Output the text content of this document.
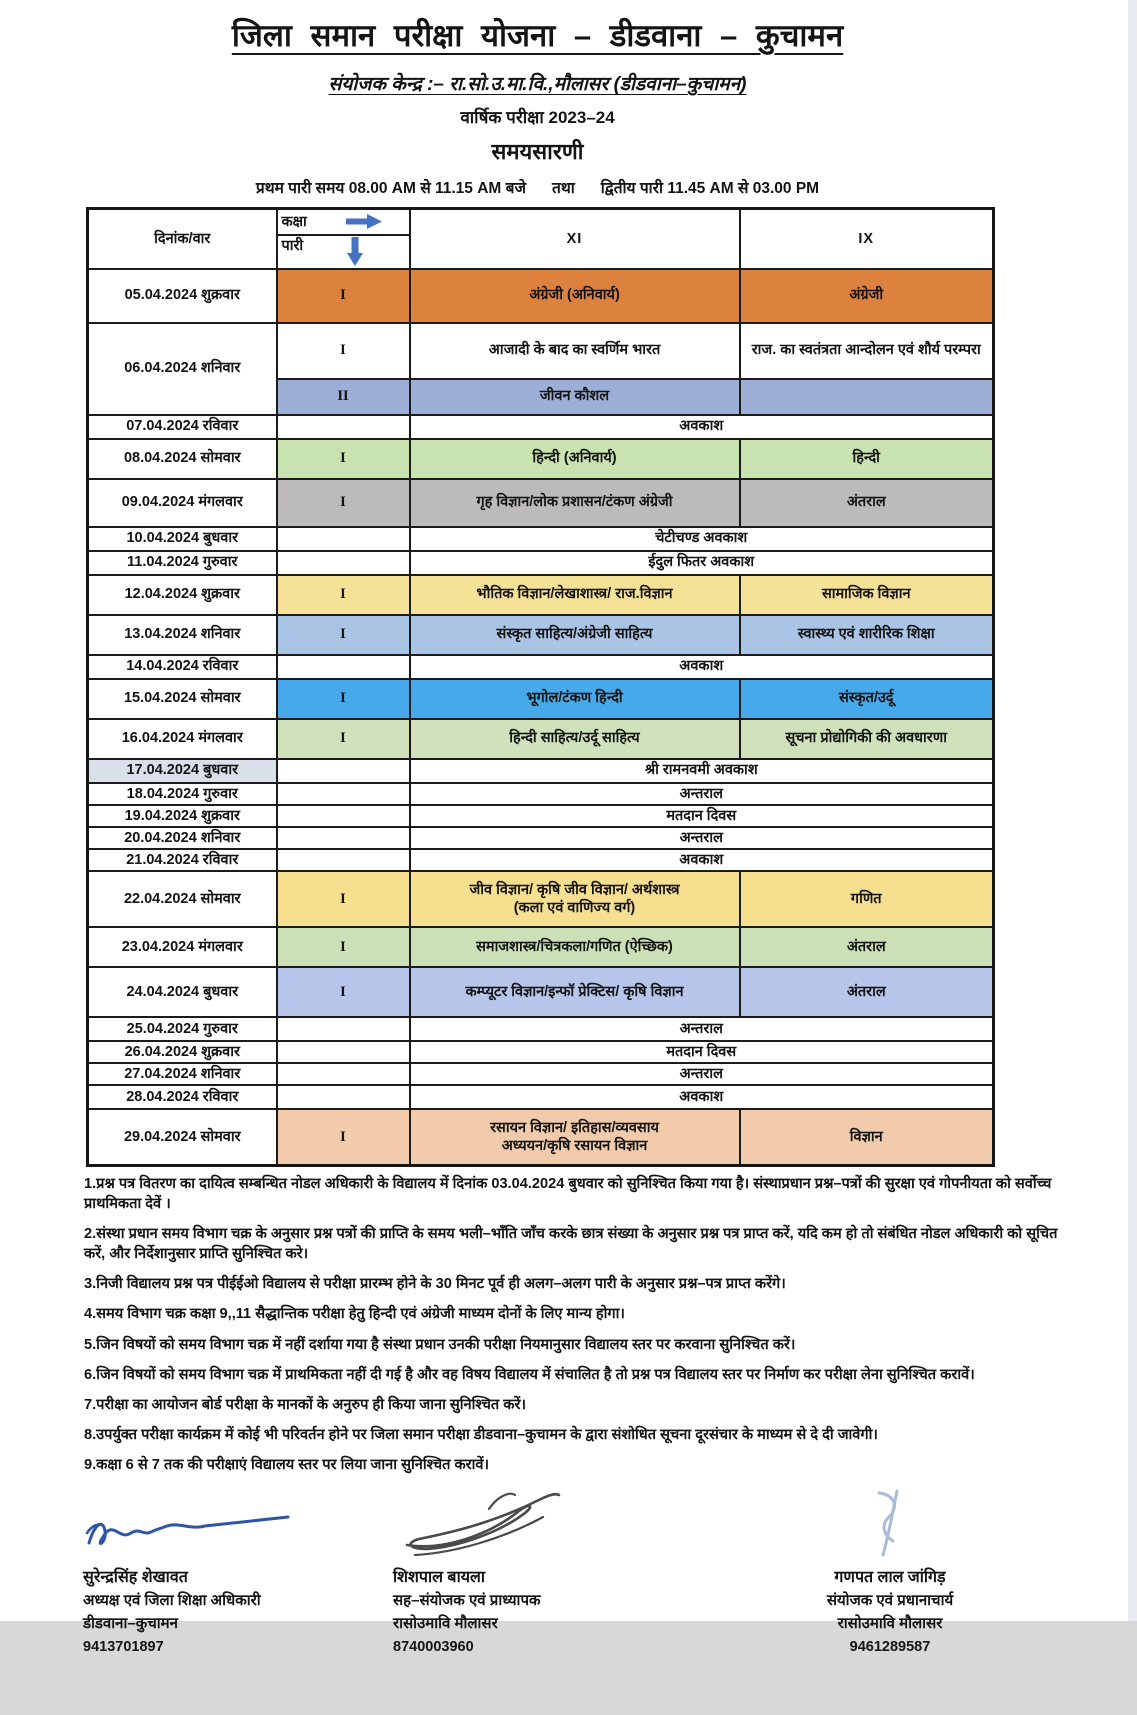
जिला समान परीक्षा योजना – डीडवाना – कुचामन
संयोजक केन्द्र :– रा.सो.उ.मा.वि.,मौलासर (डीडवाना–कुचामन)
वार्षिक परीक्षा 2023–24
समयसारणी
प्रथम पारी समय 08.00 AM से 11.15 AM बजे तथा द्वितीय पारी 11.45 AM से 03.00 PM
दिनांक/वार	कक्षा	XI	IX

	पारी		

05.04.2024 शुक्रवार	I	अंग्रेजी (अनिवार्य)	अंग्रेजी
06.04.2024 शनिवार	I	आजादी के बाद का स्वर्णिम भारत	राज. का स्वतंत्रता आन्दोलन एवं शौर्य परम्परा
	II	जीवन कौशल	
07.04.2024 रविवार		अवकाश	
08.04.2024 सोमवार	I	हिन्दी (अनिवार्य)	हिन्दी
09.04.2024 मंगलवार	I	गृह विज्ञान/लोक प्रशासन/टंकण अंग्रेजी	अंतराल
10.04.2024 बुधवार		चेटीचण्ड अवकाश	
11.04.2024 गुरुवार		ईदुल फितर अवकाश	
12.04.2024 शुक्रवार	I	भौतिक विज्ञान/लेखाशास्त्र/ राज.विज्ञान	सामाजिक विज्ञान
13.04.2024 शनिवार	I	संस्कृत साहित्य/अंग्रेजी साहित्य	स्वास्थ्य एवं शारीरिक शिक्षा
14.04.2024 रविवार		अवकाश	
15.04.2024 सोमवार	I	भूगोल/टंकण हिन्दी	संस्कृत/उर्दू
16.04.2024 मंगलवार	I	हिन्दी साहित्य/उर्दू साहित्य	सूचना प्रोद्योगिकी की अवधारणा
17.04.2024 बुधवार		श्री रामनवमी अवकाश	
18.04.2024 गुरुवार		अन्तराल	
19.04.2024 शुक्रवार		मतदान दिवस	
20.04.2024 शनिवार		अन्तराल	
21.04.2024 रविवार		अवकाश	
22.04.2024 सोमवार	I	जीव विज्ञान/ कृषि जीव विज्ञान/ अर्थशास्त्र
(कला एवं वाणिज्य वर्ग)	गणित
23.04.2024 मंगलवार	I	समाजशास्त्र/चित्रकला/गणित (ऐच्छिक)	अंतराल
24.04.2024 बुधवार	I	कम्प्यूटर विज्ञान/इन्फॉ प्रेक्टिस/ कृषि विज्ञान	अंतराल
25.04.2024 गुरुवार		अन्तराल	
26.04.2024 शुक्रवार		मतदान दिवस	
27.04.2024 शनिवार		अन्तराल	
28.04.2024 रविवार		अवकाश	
29.04.2024 सोमवार	I	रसायन विज्ञान/ इतिहास/व्यवसाय
अध्ययन/कृषि रसायन विज्ञान	विज्ञान
1.प्रश्न पत्र वितरण का दायित्व सम्बन्धित नोडल अधिकारी के विद्यालय में दिनांक 03.04.2024 बुधवार को सुनिश्चित किया गया है। संस्थाप्रधान प्रश्न–पत्रों की सुरक्षा एवं गोपनीयता को सर्वोच्च प्राथमिकता देवें ।
2.संस्था प्रधान समय विभाग चक्र के अनुसार प्रश्न पत्रों की प्राप्ति के समय भली–भाँति जाँच करके छात्र संख्या के अनुसार प्रश्न पत्र प्राप्त करें, यदि कम हो तो संबंधित नोडल अधिकारी को सूचित करें, और निर्देशानुसार प्राप्ति सुनिश्चित करे।
3.निजी विद्यालय प्रश्न पत्र पीईईओ विद्यालय से परीक्षा प्रारम्भ होने के 30 मिनट पूर्व ही अलग–अलग पारी के अनुसार प्रश्न–पत्र प्राप्त करेंगे।
4.समय विभाग चक्र कक्षा 9,,11 सैद्धान्तिक परीक्षा हेतु हिन्दी एवं अंग्रेजी माध्यम दोनों के लिए मान्य होगा।
5.जिन विषयों को समय विभाग चक्र में नहीं दर्शाया गया है संस्था प्रधान उनकी परीक्षा नियमानुसार विद्यालय स्तर पर करवाना सुनिश्चित करें।
6.जिन विषयों को समय विभाग चक्र में प्राथमिकता नहीं दी गई है और वह विषय विद्यालय में संचालित है तो प्रश्न पत्र विद्यालय स्तर पर निर्माण कर परीक्षा लेना सुनिश्चित करावें।
7.परीक्षा का आयोजन बोर्ड परीक्षा के मानकों के अनुरुप ही किया जाना सुनिश्चित करें।
8.उपर्युक्त परीक्षा कार्यक्रम में कोई भी परिवर्तन होने पर जिला समान परीक्षा डीडवाना–कुचामन के द्वारा संशोधित सूचना दूरसंचार के माध्यम से दे दी जावेगी।
9.कक्षा 6 से 7 तक की परीक्षाएं विद्यालय स्तर पर लिया जाना सुनिश्चित करावें।
सुरेन्द्रसिंह शेखावत
अध्यक्ष एवं जिला शिक्षा अधिकारी
डीडवाना–कुचामन
9413701897
शिशपाल बायला
सह–संयोजक एवं प्राध्यापक
रासोउमावि मौलासर
8740003960
गणपत लाल जांगिड़
संयोजक एवं प्रधानाचार्य
रासोउमावि मौलासर
9461289587
